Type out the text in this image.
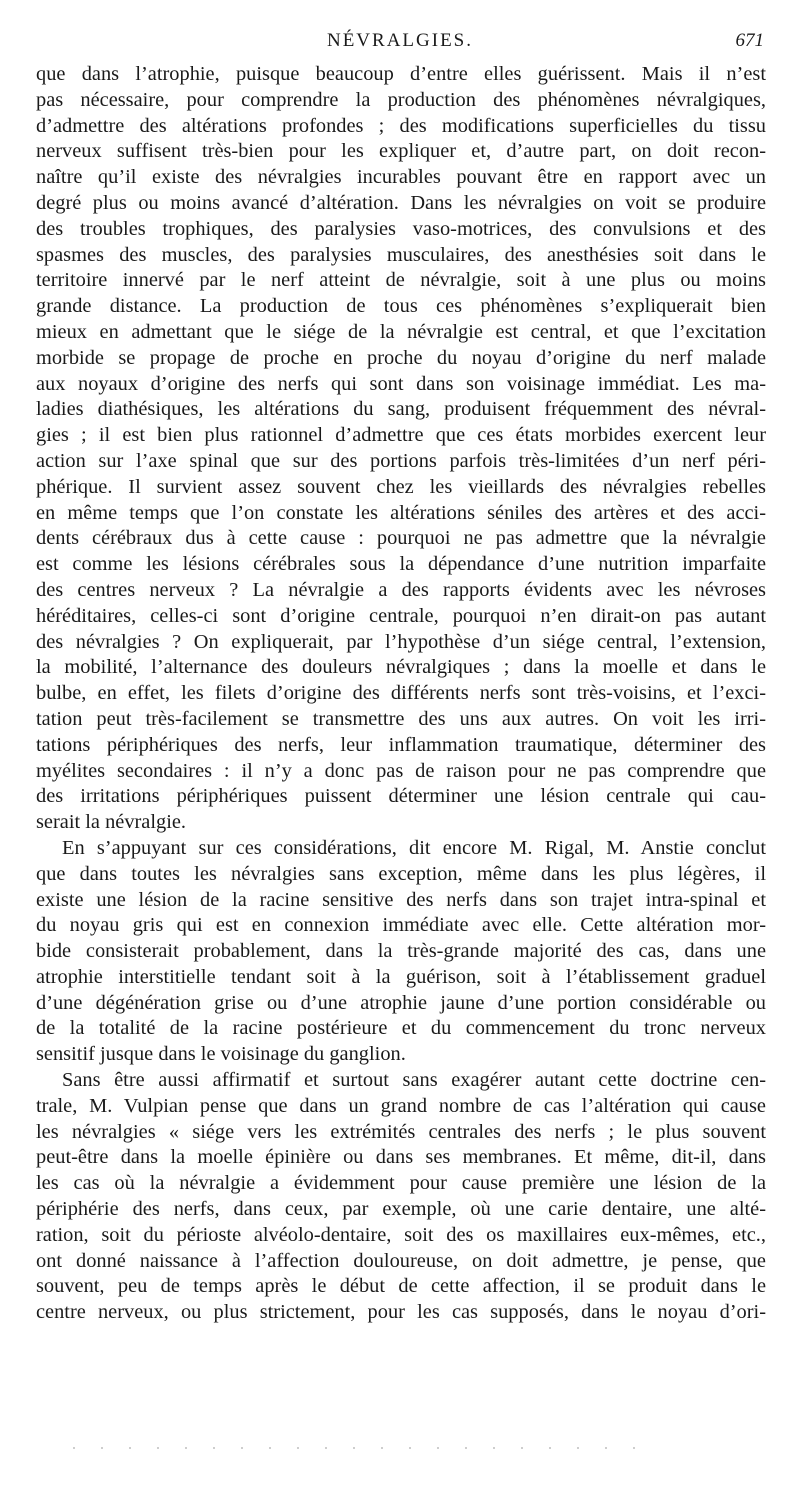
NÉVRALGIES.	671
que dans l’atrophie, puisque beaucoup d’entre elles guérissent. Mais il n’est
pas nécessaire, pour comprendre la production des phénomènes névralgiques,
d’admettre des altérations profondes ; des modifications superficielles du tissu
nerveux suffisent très-bien pour les expliquer et, d’autre part, on doit recon-
naître qu’il existe des névralgies incurables pouvant être en rapport avec un
degré plus ou moins avancé d’altération. Dans les névralgies on voit se produire
des troubles trophiques, des paralysies vaso-motrices, des convulsions et des
spasmes des muscles, des paralysies musculaires, des anesthésies soit dans le
territoire innervé par le nerf atteint de névralgie, soit à une plus ou moins
grande distance. La production de tous ces phénomènes s’expliquerait bien
mieux en admettant que le siége de la névralgie est central, et que l’excitation
morbide se propage de proche en proche du noyau d’origine du nerf malade
aux noyaux d’origine des nerfs qui sont dans son voisinage immédiat. Les ma-
ladies diathésiques, les altérations du sang, produisent fréquemment des névral-
gies ; il est bien plus rationnel d’admettre que ces états morbides exercent leur
action sur l’axe spinal que sur des portions parfois très-limitées d’un nerf péri-
phérique. Il survient assez souvent chez les vieillards des névralgies rebelles
en même temps que l’on constate les altérations séniles des artères et des acci-
dents cérébraux dus à cette cause : pourquoi ne pas admettre que la névralgie
est comme les lésions cérébrales sous la dépendance d’une nutrition imparfaite
des centres nerveux ? La névralgie a des rapports évidents avec les névroses
héréditaires, celles-ci sont d’origine centrale, pourquoi n’en dirait-on pas autant
des névralgies ? On expliquerait, par l’hypothèse d’un siége central, l’extension,
la mobilité, l’alternance des douleurs névralgiques ; dans la moelle et dans le
bulbe, en effet, les filets d’origine des différents nerfs sont très-voisins, et l’exci-
tation peut très-facilement se transmettre des uns aux autres. On voit les irri-
tations périphériques des nerfs, leur inflammation traumatique, déterminer des
myélites secondaires : il n’y a donc pas de raison pour ne pas comprendre que
des irritations périphériques puissent déterminer une lésion centrale qui cau-
serait la névralgie.
En s’appuyant sur ces considérations, dit encore M. Rigal, M. Anstie conclut
que dans toutes les névralgies sans exception, même dans les plus légères, il
existe une lésion de la racine sensitive des nerfs dans son trajet intra-spinal et
du noyau gris qui est en connexion immédiate avec elle. Cette altération mor-
bide consisterait probablement, dans la très-grande majorité des cas, dans une
atrophie interstitielle tendant soit à la guérison, soit à l’établissement graduel
d’une dégénération grise ou d’une atrophie jaune d’une portion considérable ou
de la totalité de la racine postérieure et du commencement du tronc nerveux
sensitif jusque dans le voisinage du ganglion.
Sans être aussi affirmatif et surtout sans exagérer autant cette doctrine cen-
trale, M. Vulpian pense que dans un grand nombre de cas l’altération qui cause
les névralgies « siége vers les extrémités centrales des nerfs ; le plus souvent
peut-être dans la moelle épinière ou dans ses membranes. Et même, dit-il, dans
les cas où la névralgie a évidemment pour cause première une lésion de la
périphérie des nerfs, dans ceux, par exemple, où une carie dentaire, une alté-
ration, soit du périoste alvéolo-dentaire, soit des os maxillaires eux-mêmes, etc.,
ont donné naissance à l’affection douloureuse, on doit admettre, je pense, que
souvent, peu de temps après le début de cette affection, il se produit dans le
centre nerveux, ou plus strictement, pour les cas supposés, dans le noyau d’ori-
